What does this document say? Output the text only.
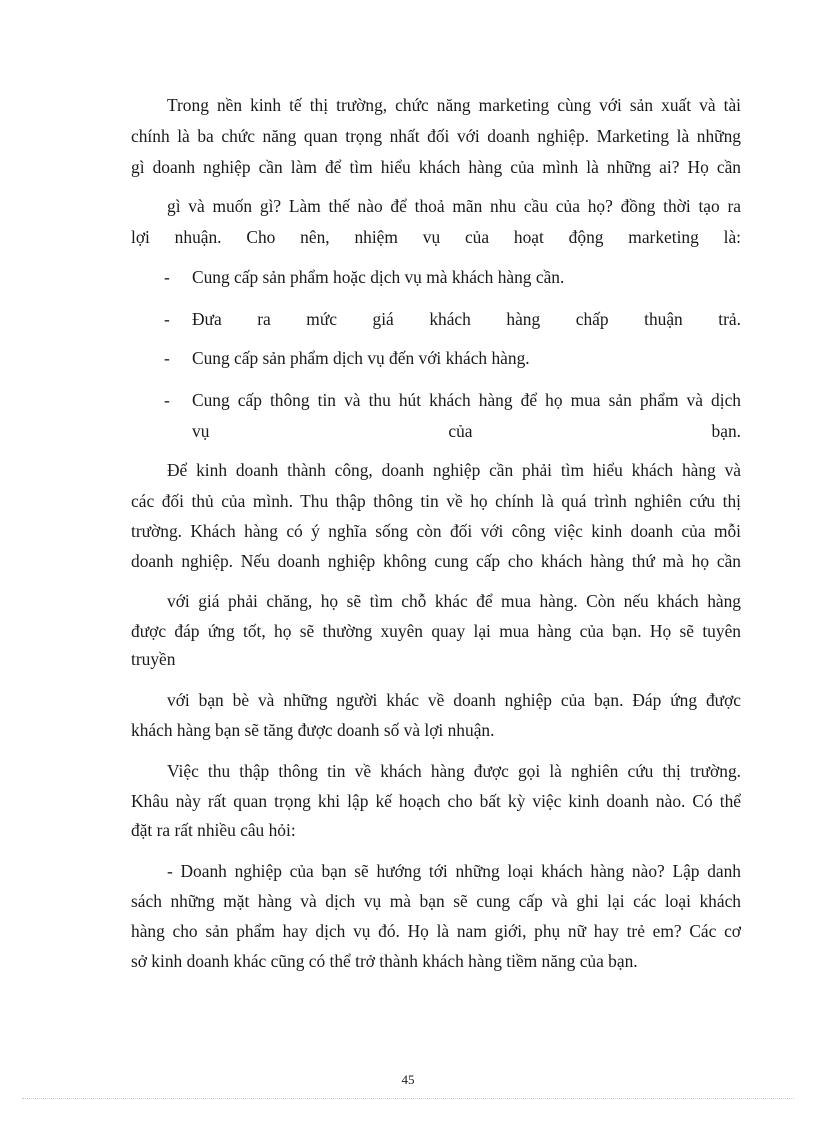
Trong nền kinh tế thị trường, chức năng marketing cùng với sản xuất và tài
chính là ba chức năng quan trọng nhất đối với doanh nghiệp. Marketing là những
gì doanh nghiệp cần làm để tìm hiểu khách hàng của mình là những ai? Họ cần
gì và muốn gì? Làm thế nào để thoả mãn nhu cầu của họ? đồng thời tạo ra
lợi nhuận. Cho nên, nhiệm vụ của hoạt động marketing là:
- Cung cấp sản phẩm hoặc dịch vụ mà khách hàng cần.
- Đưa ra mức giá khách hàng chấp thuận trả.
- Cung cấp sản phẩm dịch vụ đến với khách hàng.
- Cung cấp thông tin và thu hút khách hàng để họ mua sản phẩm và dịch
vụ của bạn.
Để kinh doanh thành công, doanh nghiệp cần phải tìm hiểu khách hàng và
các đối thủ của mình. Thu thập thông tin về họ chính là quá trình nghiên cứu thị
trường. Khách hàng có ý nghĩa sống còn đối với công việc kinh doanh của mỗi
doanh nghiệp. Nếu doanh nghiệp không cung cấp cho khách hàng thứ mà họ cần
với giá phải chăng, họ sẽ tìm chỗ khác để mua hàng. Còn nếu khách hàng
được đáp ứng tốt, họ sẽ thường xuyên quay lại mua hàng của bạn. Họ sẽ tuyên
truyền
với bạn bè và những người khác về doanh nghiệp của bạn. Đáp ứng được
khách hàng bạn sẽ tăng được doanh số và lợi nhuận.
Việc thu thập thông tin về khách hàng được gọi là nghiên cứu thị trường.
Khâu này rất quan trọng khi lập kế hoạch cho bất kỳ việc kinh doanh nào. Có thể
đặt ra rất nhiều câu hỏi:
- Doanh nghiệp của bạn sẽ hướng tới những loại khách hàng nào? Lập danh
sách những mặt hàng và dịch vụ mà bạn sẽ cung cấp và ghi lại các loại khách
hàng cho sản phẩm hay dịch vụ đó. Họ là nam giới, phụ nữ hay trẻ em? Các cơ
sở kinh doanh khác cũng có thể trở thành khách hàng tiềm năng của bạn.
45
